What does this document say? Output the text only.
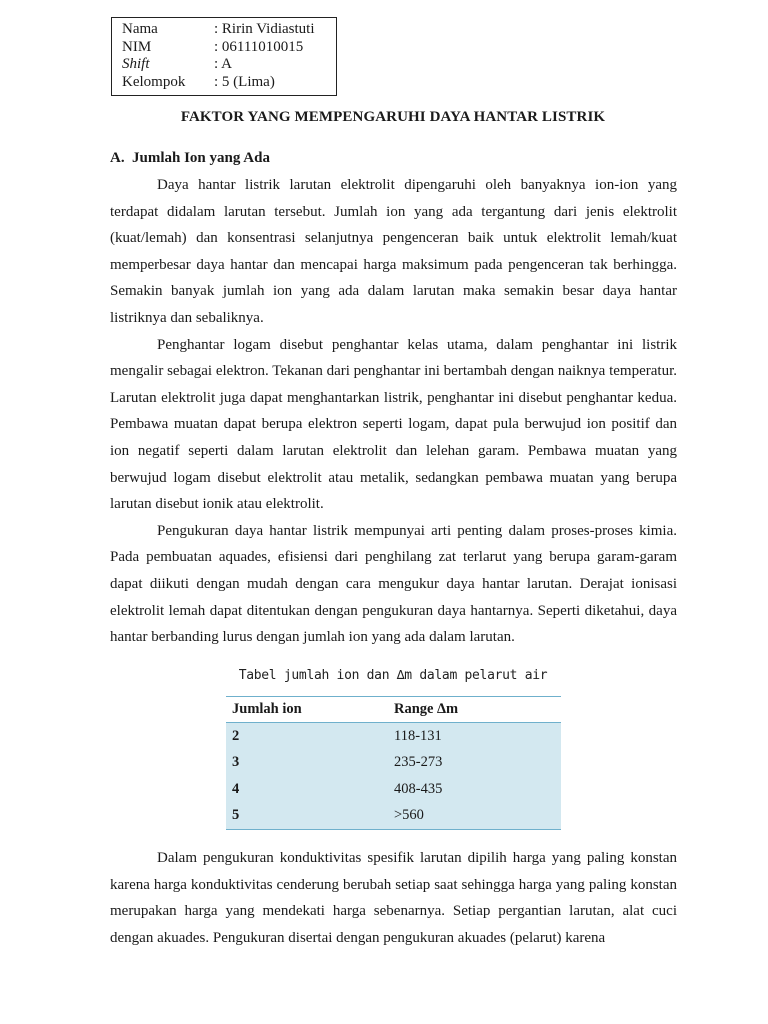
Nama	: Ririn Vidiastuti
NIM	: 06111010015
Shift	: A
Kelompok	: 5 (Lima)
FAKTOR YANG MEMPENGARUHI DAYA HANTAR LISTRIK
A. Jumlah Ion yang Ada

Daya hantar listrik larutan elektrolit dipengaruhi oleh banyaknya ion-ion yang terdapat didalam larutan tersebut. Jumlah ion yang ada tergantung dari jenis elektrolit (kuat/lemah) dan konsentrasi selanjutnya pengenceran baik untuk elektrolit lemah/kuat memperbesar daya hantar dan mencapai harga maksimum pada pengenceran tak berhingga. Semakin banyak jumlah ion yang ada dalam larutan maka semakin besar daya hantar listriknya dan sebaliknya.

Penghantar logam disebut penghantar kelas utama, dalam penghantar ini listrik mengalir sebagai elektron. Tekanan dari penghantar ini bertambah dengan naiknya temperatur. Larutan elektrolit juga dapat menghantarkan listrik, penghantar ini disebut penghantar kedua. Pembawa muatan dapat berupa elektron seperti logam, dapat pula berwujud ion positif dan ion negatif seperti dalam larutan elektrolit dan lelehan garam. Pembawa muatan yang berwujud logam disebut elektrolit atau metalik, sedangkan pembawa muatan yang berupa larutan disebut ionik atau elektrolit.

Pengukuran daya hantar listrik mempunyai arti penting dalam proses-proses kimia. Pada pembuatan aquades, efisiensi dari penghilang zat terlarut yang berupa garam-garam dapat diikuti dengan mudah dengan cara mengukur daya hantar larutan. Derajat ionisasi elektrolit lemah dapat ditentukan dengan pengukuran daya hantarnya. Seperti diketahui, daya hantar berbanding lurus dengan jumlah ion yang ada dalam larutan.

Tabel jumlah ion dan ∆m dalam pelarut air
Jumlah ion	Range ∆m
2	118-131
3	235-273
4	408-435
5	>560

Dalam pengukuran konduktivitas spesifik larutan dipilih harga yang paling konstan karena harga konduktivitas cenderung berubah setiap saat sehingga harga yang paling konstan merupakan harga yang mendekati harga sebenarnya. Setiap pergantian larutan, alat cuci dengan akuades. Pengukuran disertai dengan pengukuran akuades (pelarut) karena
